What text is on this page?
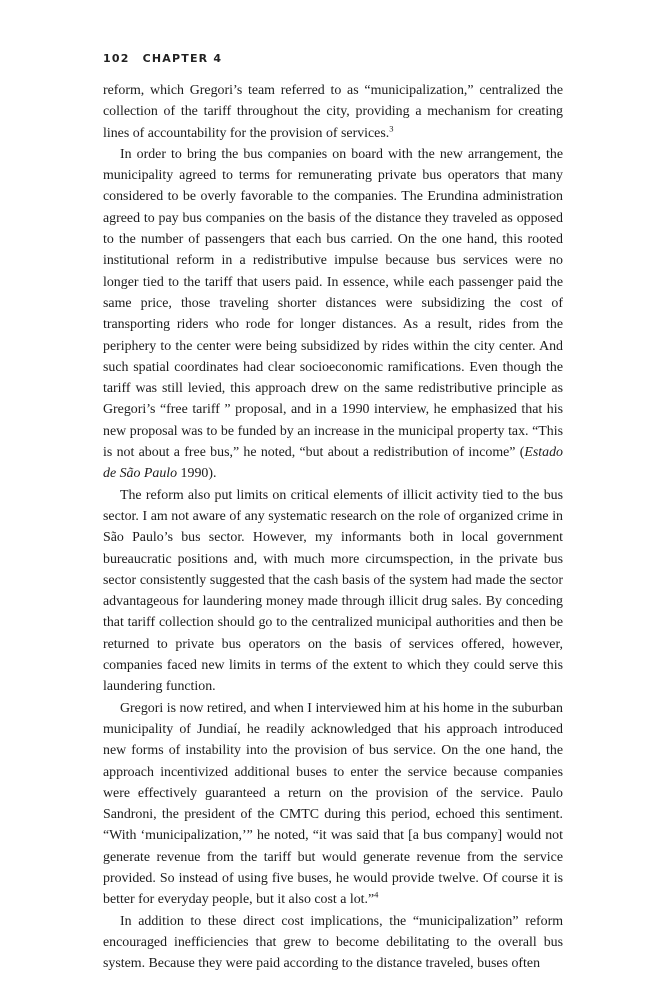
102 CHAPTER 4

reform, which Gregori’s team referred to as “municipalization,” centralized the collection of the tariff throughout the city, providing a mechanism for creating lines of accountability for the provision of services.$^3$

In order to bring the bus companies on board with the new arrangement, the municipality agreed to terms for remunerating private bus operators that many considered to be overly favorable to the companies. The Erundina administration agreed to pay bus companies on the basis of the distance they traveled as opposed to the number of passengers that each bus carried. On the one hand, this rooted institutional reform in a redistributive impulse because bus services were no longer tied to the tariff that users paid. In essence, while each passenger paid the same price, those traveling shorter distances were subsidizing the cost of transporting riders who rode for longer distances. As a result, rides from the periphery to the center were being subsidized by rides within the city center. And such spatial coordinates had clear socioeconomic ramifications. Even though the tariff was still levied, this approach drew on the same redistributive principle as Gregori’s “free tariff ” proposal, and in a 1990 interview, he emphasized that his new proposal was to be funded by an increase in the municipal property tax. “This is not about a free bus,” he noted, “but about a redistribution of income” (Estado de São Paulo 1990).

The reform also put limits on critical elements of illicit activity tied to the bus sector. I am not aware of any systematic research on the role of organized crime in São Paulo’s bus sector. However, my informants both in local government bureaucratic positions and, with much more circumspection, in the private bus sector consistently suggested that the cash basis of the system had made the sector advantageous for laundering money made through illicit drug sales. By conceding that tariff collection should go to the centralized municipal authorities and then be returned to private bus operators on the basis of services offered, however, companies faced new limits in terms of the extent to which they could serve this laundering function.

Gregori is now retired, and when I interviewed him at his home in the suburban municipality of Jundiaí, he readily acknowledged that his approach introduced new forms of instability into the provision of bus service. On the one hand, the approach incentivized additional buses to enter the service because companies were effectively guaranteed a return on the provision of the service. Paulo Sandroni, the president of the CMTC during this period, echoed this sentiment. “With ‘municipalization,’” he noted, “it was said that [a bus company] would not generate revenue from the tariff but would generate revenue from the service provided. So instead of using five buses, he would provide twelve. Of course it is better for everyday people, but it also cost a lot.”$^4$

In addition to these direct cost implications, the “municipalization” reform encouraged inefficiencies that grew to become debilitating to the overall bus system. Because they were paid according to the distance traveled, buses often
